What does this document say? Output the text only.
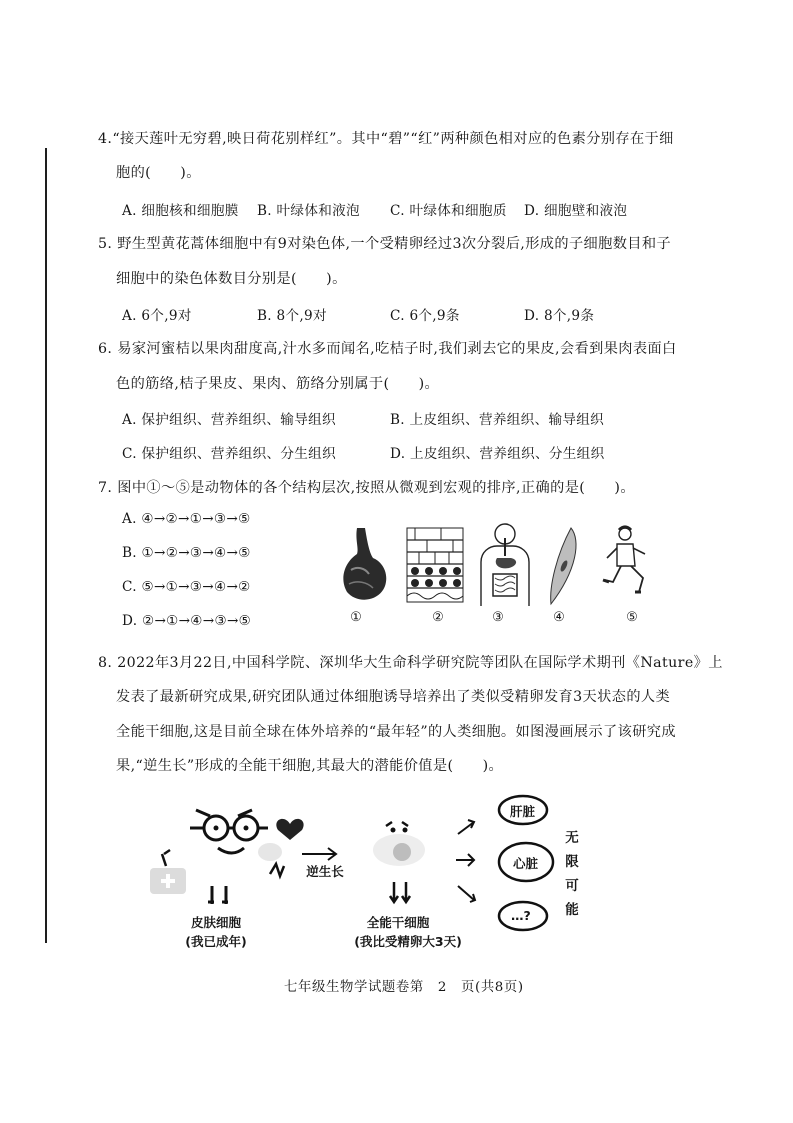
4.“接天莲叶无穷碧,映日荷花别样红”。其中“碧”“红”两种颜色相对应的色素分别存在于细
胞的(　　)。
A. 细胞核和细胞膜 B. 叶绿体和液泡 C. 叶绿体和细胞质 D. 细胞壁和液泡
5. 野生型黄花蒿体细胞中有9对染色体,一个受精卵经过3次分裂后,形成的子细胞数目和子
细胞中的染色体数目分别是(　　)。
A. 6个,9对	B. 8个,9对	C. 6个,9条	D. 8个,9条
6. 易家河蜜桔以果肉甜度高,汁水多而闻名,吃桔子时,我们剥去它的果皮,会看到果肉表面白
色的筋络,桔子果皮、果肉、筋络分别属于(　　)。
A. 保护组织、营养组织、输导组织	B. 上皮组织、营养组织、输导组织
C. 保护组织、营养组织、分生组织	D. 上皮组织、营养组织、分生组织
7. 图中①～⑤是动物体的各个结构层次,按照从微观到宏观的排序,正确的是(　　)。
A. ④→②→①→③→⑤
B. ①→②→③→④→⑤
C. ⑤→①→③→④→②
D. ②→①→④→③→⑤	①	②	③	④	⑤
8. 2022年3月22日,中国科学院、深圳华大生命科学研究院等团队在国际学术期刊《Nature》上
发表了最新研究成果,研究团队通过体细胞诱导培养出了类似受精卵发育3天状态的人类
全能干细胞,这是目前全球在体外培养的“最年轻”的人类细胞。如图漫画展示了该研究成
果,“逆生长”形成的全能干细胞,其最大的潜能价值是(　　)。
皮肤细胞
(我已成年)
逆生长
全能干细胞
(我比受精卵大3天)
肝脏
心脏
…?
无限可能
七年级生物学试题卷第　2　页(共8页)
